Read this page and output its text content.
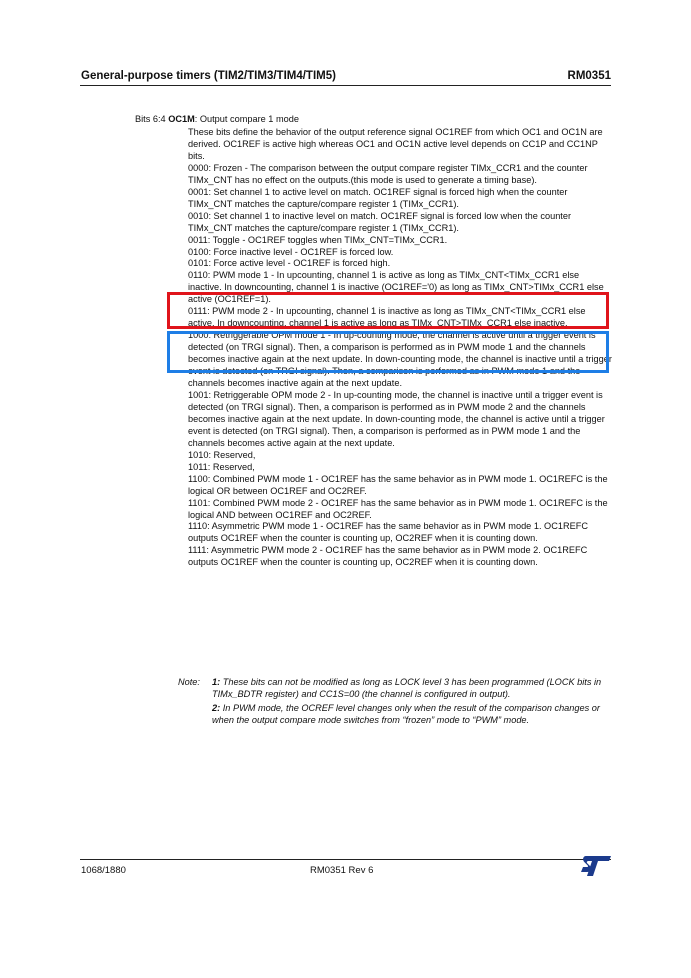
General-purpose timers (TIM2/TIM3/TIM4/TIM5)	RM0351
Bits 6:4 OC1M: Output compare 1 mode

These bits define the behavior of the output reference signal OC1REF from which OC1 and OC1N are derived. OC1REF is active high whereas OC1 and OC1N active level depends on CC1P and CC1NP bits.

0000: Frozen - The comparison between the output compare register TIMx_CCR1 and the counter TIMx_CNT has no effect on the outputs.(this mode is used to generate a timing base).

0001: Set channel 1 to active level on match. OC1REF signal is forced high when the counter TIMx_CNT matches the capture/compare register 1 (TIMx_CCR1).

0010: Set channel 1 to inactive level on match. OC1REF signal is forced low when the counter TIMx_CNT matches the capture/compare register 1 (TIMx_CCR1).

0011: Toggle - OC1REF toggles when TIMx_CNT=TIMx_CCR1.

0100: Force inactive level - OC1REF is forced low.

0101: Force active level - OC1REF is forced high.

0110: PWM mode 1 - In upcounting, channel 1 is active as long as TIMx_CNT<TIMx_CCR1 else inactive. In downcounting, channel 1 is inactive (OC1REF='0) as long as TIMx_CNT>TIMx_CCR1 else active (OC1REF=1).

0111: PWM mode 2 - In upcounting, channel 1 is inactive as long as TIMx_CNT<TIMx_CCR1 else active. In downcounting, channel 1 is active as long as TIMx_CNT>TIMx_CCR1 else inactive.

1000: Retriggerable OPM mode 1 - In up-counting mode, the channel is active until a trigger event is detected (on TRGI signal). Then, a comparison is performed as in PWM mode 1 and the channels becomes inactive again at the next update. In down-counting mode, the channel is inactive until a trigger event is detected (on TRGI signal). Then, a comparison is performed as in PWM mode 1 and the channels becomes inactive again at the next update.

1001: Retriggerable OPM mode 2 - In up-counting mode, the channel is inactive until a trigger event is detected (on TRGI signal). Then, a comparison is performed as in PWM mode 2 and the channels becomes inactive again at the next update. In down-counting mode, the channel is active until a trigger event is detected (on TRGI signal). Then, a comparison is performed as in PWM mode 1 and the channels becomes active again at the next update.

1010: Reserved,

1011: Reserved,

1100: Combined PWM mode 1 - OC1REF has the same behavior as in PWM mode 1. OC1REFC is the logical OR between OC1REF and OC2REF.

1101: Combined PWM mode 2 - OC1REF has the same behavior as in PWM mode 1. OC1REFC is the logical AND between OC1REF and OC2REF.

1110: Asymmetric PWM mode 1 - OC1REF has the same behavior as in PWM mode 1. OC1REFC outputs OC1REF when the counter is counting up, OC2REF when it is counting down.

1111: Asymmetric PWM mode 2 - OC1REF has the same behavior as in PWM mode 2. OC1REFC outputs OC1REF when the counter is counting up, OC2REF when it is counting down.

Note: 1: These bits can not be modified as long as LOCK level 3 has been programmed (LOCK bits in TIMx_BDTR register) and CC1S=00 (the channel is configured in output).
2: In PWM mode, the OCREF level changes only when the result of the comparison changes or when the output compare mode switches from “frozen” mode to “PWM” mode.
1068/1880	RM0351 Rev 6
